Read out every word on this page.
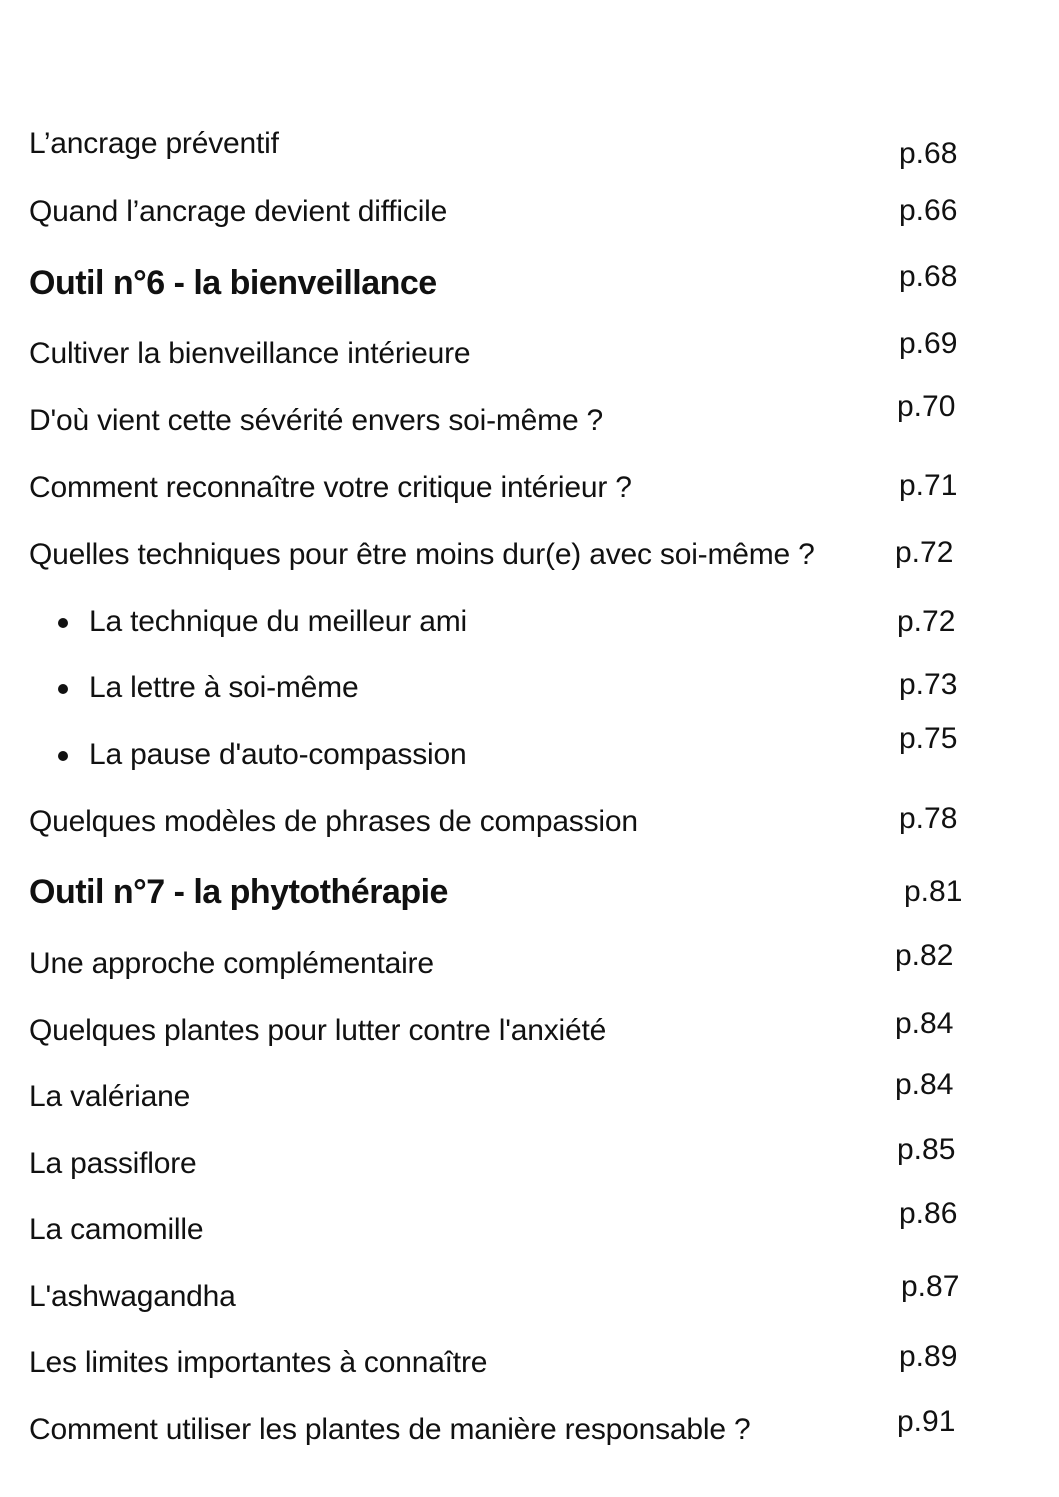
L’ancrage préventif	p.68
Quand l’ancrage devient difficile	p.66
Outil n°6 - la bienveillance	p.68
Cultiver la bienveillance intérieure	p.69
D'où vient cette sévérité envers soi-même ?	p.70
Comment reconnaître votre critique intérieur ?	p.71
Quelles techniques pour être moins dur(e) avec soi-même ?	p.72
La technique du meilleur ami	p.72
La lettre à soi-même	p.73
La pause d'auto-compassion	p.75
Quelques modèles de phrases de compassion	p.78
Outil n°7 - la phytothérapie	p.81
Une approche complémentaire	p.82
Quelques plantes pour lutter contre l'anxiété	p.84
La valériane	p.84
La passiflore	p.85
La camomille	p.86
L'ashwagandha	p.87
Les limites importantes à connaître	p.89
Comment utiliser les plantes de manière responsable ?	p.91
